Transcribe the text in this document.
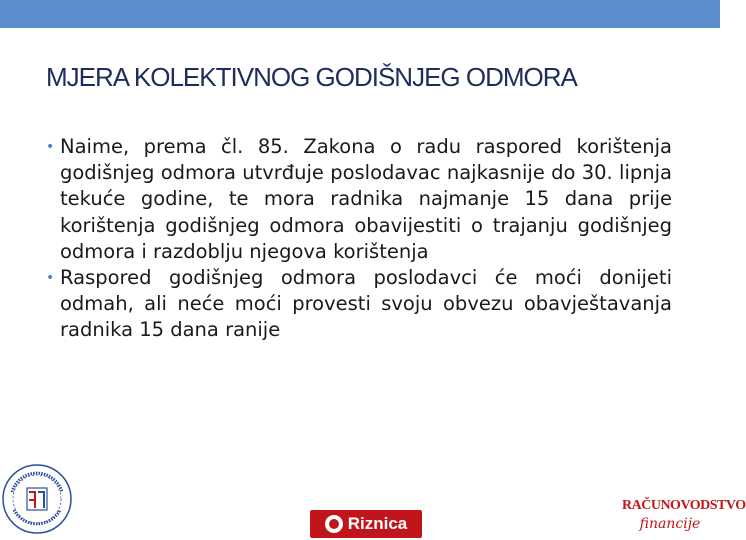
MJERA KOLEKTIVNOG GODIŠNJEG ODMORA
• Naime, prema čl. 85. Zakona o radu raspored korištenja godišnjeg odmora utvrđuje poslodavac najkasnije do 30. lipnja tekuće godine, te mora radnika najmanje 15 dana prije korištenja godišnjeg odmora obavijestiti o trajanju godišnjeg odmora i razdoblju njegova korištenja
• Raspored godišnjeg odmora poslodavci će moći donijeti odmah, ali neće moći provesti svoju obvezu obavještavanja radnika 15 dana ranije
Riznica
RAČUNOVODSTVO
financije
